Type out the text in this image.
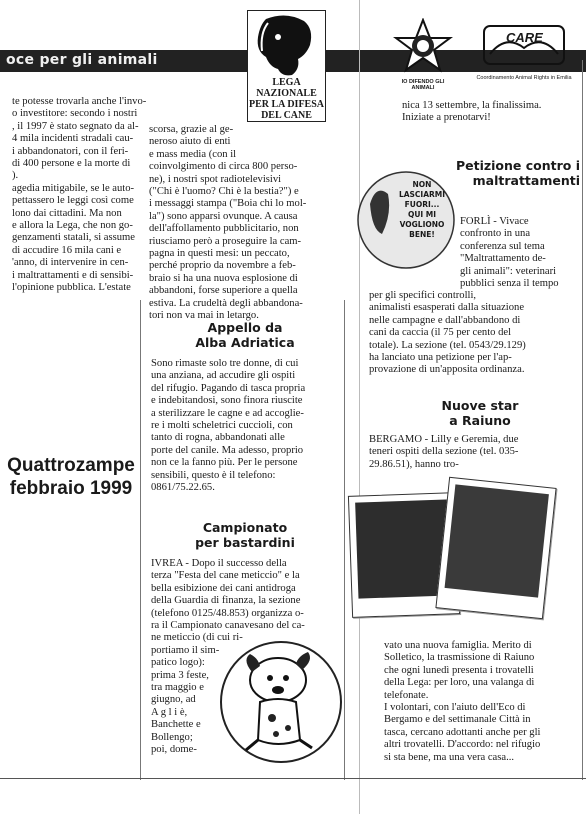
oce per gli animali
LEGA NAZIONALE PER LA DIFESA DEL CANE
IO DIFENDO GLI ANIMALI
CARE
Coordinamento Animal Rights in Emilia
te potesse trovarla anche l'invo-
o investitore: secondo i nostri
, il 1997 è stato segnato da al-
4 mila incidenti stradali cau-
i abbandonatori, con il feri-
di 400 persone e la morte di
).
agedia mitigabile, se le auto-
pettassero le leggi così come
lono dai cittadini. Ma non
e allora la Lega, che non go-
genzamenti statali, si assume
di accudire 16 mila cani e
'anno, di intervenire in cen-
i maltrattamenti e di sensibi-
l'opinione pubblica. L'estate
scorsa, grazie al ge-
neroso aiuto di enti
e mass media (con il
coinvolgimento di circa 800 perso-
ne), i nostri spot radiotelevisivi
("Chi è l'uomo? Chi è la bestia?") e
i messaggi stampa ("Boia chi lo mol-
la") sono apparsi ovunque. A causa
dell'affollamento pubblicitario, non
riusciamo però a proseguire la cam-
pagna in questi mesi: un peccato,
perché proprio da novembre a feb-
braio si ha una nuova esplosione di
abbandoni, forse superiore a quella
estiva. La crudeltà degli abbandona-
tori non va mai in letargo.
Quattrozampe
febbraio 1999
Appello da
Alba Adriatica
Sono rimaste solo tre donne, di cui
una anziana, ad accudire gli ospiti
del rifugio. Pagando di tasca propria
e indebitandosi, sono finora riuscite
a sterilizzare le cagne e ad accoglie-
re i molti scheletrici cuccioli, con
tanto di rogna, abbandonati alle
porte del canile. Ma adesso, proprio
non ce la fanno più. Per le persone
sensibili, questo è il telefono:
0861/75.22.65.
Campionato
per bastardini
IVREA - Dopo il successo della
terza "Festa del cane meticcio" e la
bella esibizione dei cani antidroga
della Guardia di finanza, la sezione
(telefono 0125/48.853) organizza o-
ra il Campionato canavesano del ca-
ne meticcio (di cui ri-
portiamo il sim-
patico logo):
prima 3 feste,
tra maggio e
giugno, ad
A g l i è,
Banchette e
Bollengo;
poi, dome-
nica 13 settembre, la finalissima.
Iniziate a prenotarvi!
Petizione contro i
maltrattamenti
NON
LASCIARMI
FUORI...
QUI MI
VOGLIONO
BENE!
FORLÌ - Vivace
confronto in una
conferenza sul tema
"Maltrattamento de-
gli animali": veterinari
pubblici senza il tempo
per gli specifici controlli,
animalisti esasperati dalla situazione
nelle campagne e dall'abbandono di
cani da caccia (il 75 per cento del
totale). La sezione (tel. 0543/29.129)
ha lanciato una petizione per l'ap-
provazione di un'apposita ordinanza.
Nuove star
a Raiuno
BERGAMO - Lilly e Geremia, due
teneri ospiti della sezione (tel. 035-
29.86.51), hanno tro-
vato una nuova famiglia. Merito di
Solletico, la trasmissione di Raiuno
che ogni lunedì presenta i trovatelli
della Lega: per loro, una valanga di
telefonate.
I volontari, con l'aiuto dell'Eco di
Bergamo e del settimanale Città in
tasca, cercano adottanti anche per gli
altri trovatelli. D'accordo: nel rifugio
si sta bene, ma una vera casa...
